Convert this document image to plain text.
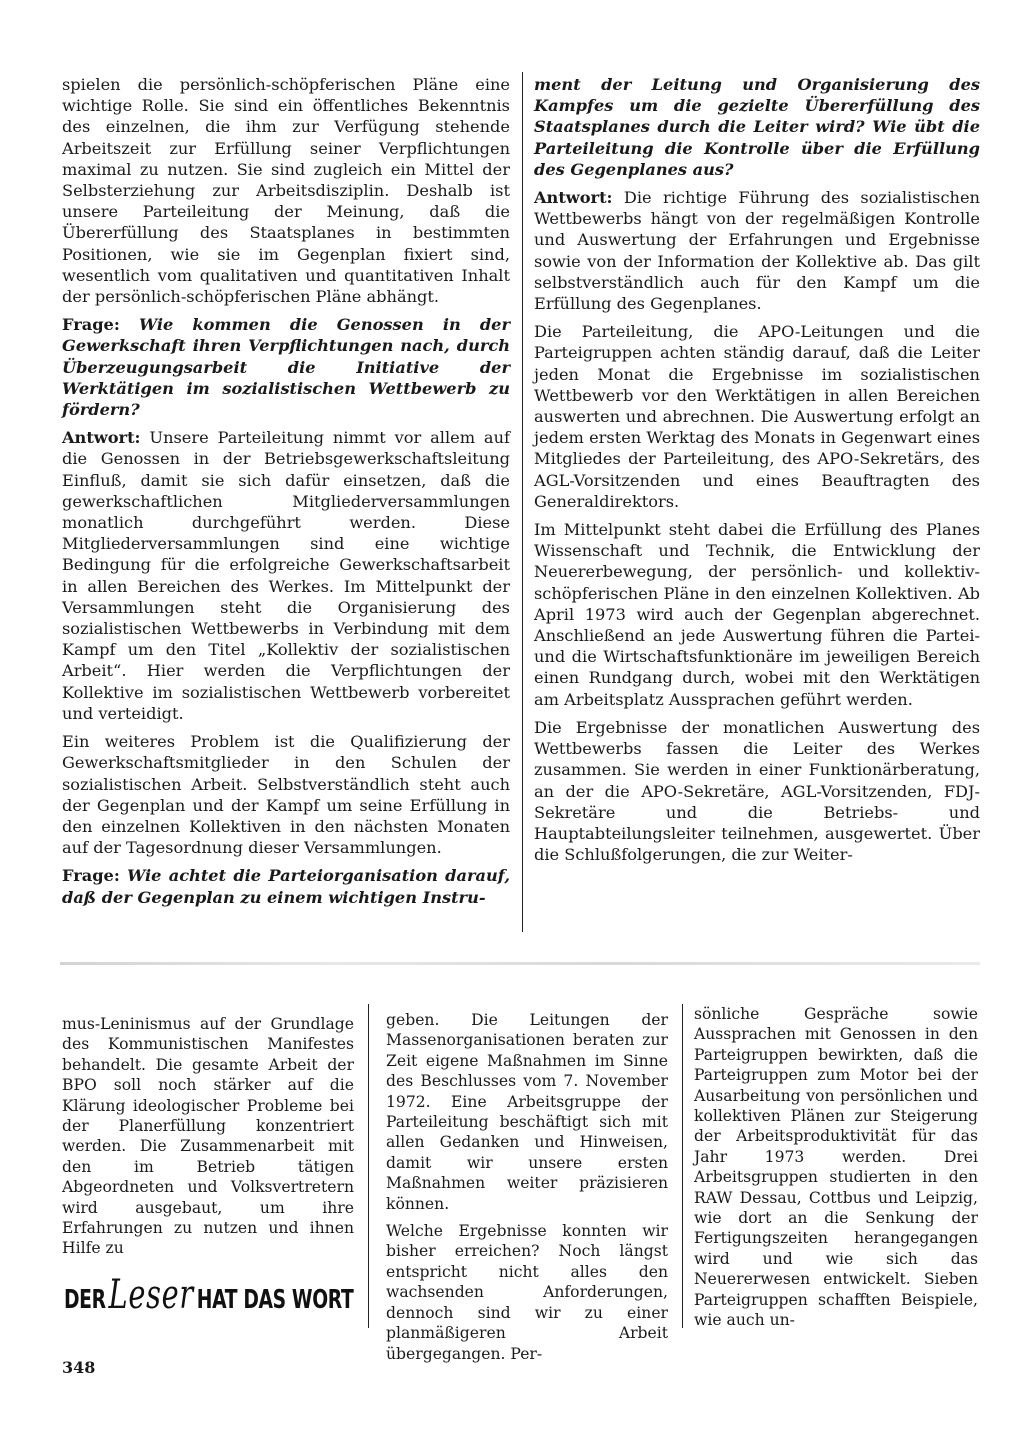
spielen die persönlich-schöpferischen Pläne eine wichtige Rolle. Sie sind ein öffentliches Bekenntnis des einzelnen, die ihm zur Verfügung stehende Arbeitszeit zur Erfüllung seiner Verpflichtungen maximal zu nutzen. Sie sind zugleich ein Mittel der Selbsterziehung zur Arbeitsdisziplin. Deshalb ist unsere Parteileitung der Meinung, daß die Übererfüllung des Staatsplanes in bestimmten Positionen, wie sie im Gegenplan fixiert sind, wesentlich vom qualitativen und quantitativen Inhalt der persönlich-schöpferischen Pläne abhängt.

Frage: Wie kommen die Genossen in der Gewerkschaft ihren Verpflichtungen nach, durch Überzeugungsarbeit die Initiative der Werktätigen im sozialistischen Wettbewerb zu fördern?

Antwort: Unsere Parteileitung nimmt vor allem auf die Genossen in der Betriebsgewerkschaftsleitung Einfluß, damit sie sich dafür einsetzen, daß die gewerkschaftlichen Mitgliederversammlungen monatlich durchgeführt werden. Diese Mitgliederversammlungen sind eine wichtige Bedingung für die erfolgreiche Gewerkschaftsarbeit in allen Bereichen des Werkes. Im Mittelpunkt der Versammlungen steht die Organisierung des sozialistischen Wettbewerbs in Verbindung mit dem Kampf um den Titel „Kollektiv der sozialistischen Arbeit“. Hier werden die Verpflichtungen der Kollektive im sozialistischen Wettbewerb vorbereitet und verteidigt.

Ein weiteres Problem ist die Qualifizierung der Gewerkschaftsmitglieder in den Schulen der sozialistischen Arbeit. Selbstverständlich steht auch der Gegenplan und der Kampf um seine Erfüllung in den einzelnen Kollektiven in den nächsten Monaten auf der Tagesordnung dieser Versammlungen.

Frage: Wie achtet die Parteiorganisation darauf, daß der Gegenplan zu einem wichtigen Instru-

ment der Leitung und Organisierung des Kampfes um die gezielte Übererfüllung des Staatsplanes durch die Leiter wird? Wie übt die Parteileitung die Kontrolle über die Erfüllung des Gegenplanes aus?

Antwort: Die richtige Führung des sozialistischen Wettbewerbs hängt von der regelmäßigen Kontrolle und Auswertung der Erfahrungen und Ergebnisse sowie von der Information der Kollektive ab. Das gilt selbstverständlich auch für den Kampf um die Erfüllung des Gegenplanes.

Die Parteileitung, die APO-Leitungen und die Parteigruppen achten ständig darauf, daß die Leiter jeden Monat die Ergebnisse im sozialistischen Wettbewerb vor den Werktätigen in allen Bereichen auswerten und abrechnen. Die Auswertung erfolgt an jedem ersten Werktag des Monats in Gegenwart eines Mitgliedes der Parteileitung, des APO-Sekretärs, des AGL-Vorsitzenden und eines Beauftragten des Generaldirektors.

Im Mittelpunkt steht dabei die Erfüllung des Planes Wissenschaft und Technik, die Entwicklung der Neuererbewegung, der persönlich- und kollektiv-schöpferischen Pläne in den einzelnen Kollektiven. Ab April 1973 wird auch der Gegenplan abgerechnet. Anschließend an jede Auswertung führen die Partei- und die Wirtschaftsfunktionäre im jeweiligen Bereich einen Rundgang durch, wobei mit den Werktätigen am Arbeitsplatz Aussprachen geführt werden.

Die Ergebnisse der monatlichen Auswertung des Wettbewerbs fassen die Leiter des Werkes zusammen. Sie werden in einer Funktionärberatung, an der die APO-Sekretäre, AGL-Vorsitzenden, FDJ-Sekretäre und die Betriebs- und Hauptabteilungsleiter teilnehmen, ausgewertet. Über die Schlußfolgerungen, die zur Weiter-

mus-Leninismus auf der Grundlage des Kommunistischen Manifestes behandelt. Die gesamte Arbeit der BPO soll noch stärker auf die Klärung ideologischer Probleme bei der Planerfüllung konzentriert werden. Die Zusammenarbeit mit den im Betrieb tätigen Abgeordneten und Volksvertretern wird ausgebaut, um ihre Erfahrungen zu nutzen und ihnen Hilfe zu

geben. Die Leitungen der Massenorganisationen beraten zur Zeit eigene Maßnahmen im Sinne des Beschlusses vom 7. November 1972. Eine Arbeitsgruppe der Parteileitung beschäftigt sich mit allen Gedanken und Hinweisen, damit wir unsere ersten Maßnahmen weiter präzisieren können.

Welche Ergebnisse konnten wir bisher erreichen? Noch längst entspricht nicht alles den wachsenden Anforderungen, dennoch sind wir zu einer planmäßigeren Arbeit übergegangen. Per-

sönliche Gespräche sowie Aussprachen mit Genossen in den Parteigruppen bewirkten, daß die Parteigruppen zum Motor bei der Ausarbeitung von persönlichen und kollektiven Plänen zur Steigerung der Arbeitsproduktivität für das Jahr 1973 werden. Drei Arbeitsgruppen studierten in den RAW Dessau, Cottbus und Leipzig, wie dort an die Senkung der Fertigungszeiten herangegangen wird und wie sich das Neuererwesen entwickelt. Sieben Parteigruppen schafften Beispiele, wie auch un-

DERLeser HAT DAS WORT
348
